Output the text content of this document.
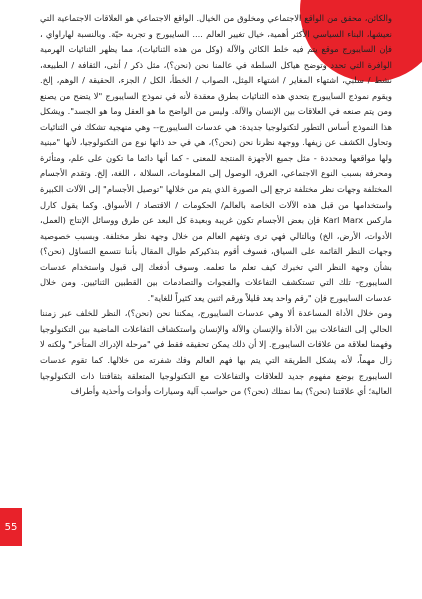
والكائن، محقق من الواقع الاجتماعي ومخلوق من الخيال. الواقع الاجتماعي هو العلاقات الاجتماعية التي نعيشها، البناء السياسي الأكثر أهمية، خيال تغيير العالم .... السايبورج و تجربة حيّة. وبالنسبة لهاراواي ، فإن السايبورج موقع يتم فيه خلط الكائن والآلة (وكل من هذه الثنائيات)، مما يظهر الثنائيات الهرمية الوافرة التي تحدد وتوضح هياكل السلطة في عالمنا نحن (نحن؟)، مثل ذكر / أنثى، الثقافة / الطبيعة، نشط / سلبي، اشتهاء المغاير / اشتهاء المِثل، الصواب / الخطأ، الكل / الجزء، الحقيقة / الوهم، إلخ. ويقوم نموذج السايبورج بتحدي هذه الثنائيات بطرق معقدة لأنه في نموذج السايبورج "لا يتضح من يصنع ومن يتم صنعه في العلاقات بين الإنسان والآلة. وليس من الواضح ما هو العقل وما هو الجسد". ويشكل هذا النموذج أساس التطور لتكنولوجيا جديدة: هي عدسات السايبورج-- وهي منهجية تشكك في الثنائيات وتحاول الكشف عن زيفها. ووجهة نظرنا نحن (نحن؟)، هي في حد ذاتها نوع من التكنولوجيا، لأنها "مبنية ولها مواقعها ومحددة - مثل جميع الأجهزة المنتجة للمعنى - كما أنها دائما ما تكون على علم، ومتأثرة ومحرفة بسبب النوع الاجتماعي، العرق، الوصول إلى المعلومات، السلالة ، اللغة، إلخ. وتقدم الأجسام المختلفة وجهات نظر مختلفة ترجع إلى الصورة الذي يتم من خلالها "توصيل الأجسام" إلى الآلات الكبيرة واستخدامها من قبل هذه الآلات الخاصة بالعالم/ الحكومات / الاقتصاد / الأسواق. وكما يقول كارل ماركس Karl Marx فإن بعض الأجسام تكون غريبة وبعيدة كل البعد عن طرق ووسائل الإنتاج (العمل، الأدوات، الأرض، الخ) وبالتالي فهي ترى وتفهم العالم من خلال وجهة نظر مختلفة. وبسبب خصوصية وجهات النظر القائمة على السياق، فسوف أقوم بتذكيركم طوال المقال بأننا نتسمع التساؤل (نحن؟) بشأن وجهة النظر التي تخبرك كيف تعلم ما تعلمه. وسوف أدفعك إلى قبول واستخدام عدسات السايبورج- تلك التي تستكشف التفاعلات والفجوات والتصادمات بين القطبين الثنائيين. ومن خلال عدسات السايبورج فإن "رقم واحد يعد قليلاً ورقم اثنين يعد كثيراً للغاية".

ومن خلال الأداة المساعدة ألا وهي عدسات السايبورج، يمكننا نحن (نحن؟)، النظر للخلف عبر زمننا الحالي إلى التفاعلات بين الأداة والإنسان والآلة والإنسان واستكشاف التفاعلات الماضية بين التكنولوجيا وفهمنا لعلاقة من علاقات السايبورج. إلا أن ذلك يمكن تحقيقه فقط في "مرحلة الإدراك المتأخر" ولكنه لا زال مهماً، لأنه يشكل الطريقة التي يتم بها فهم العالم وفك شفرته من خلالها. كما تقوم عدسات السايبورج بوضع مفهوم جديد للعلاقات والتفاعلات مع التكنولوجيا المتعلقة بثقافتنا ذات التكنولوجيا العالية؛ أي علاقتنا (نحن؟) بما نمتلك (نحن؟) من حواسب آلية وسيارات وأدوات وأحذية وأطراف

55
